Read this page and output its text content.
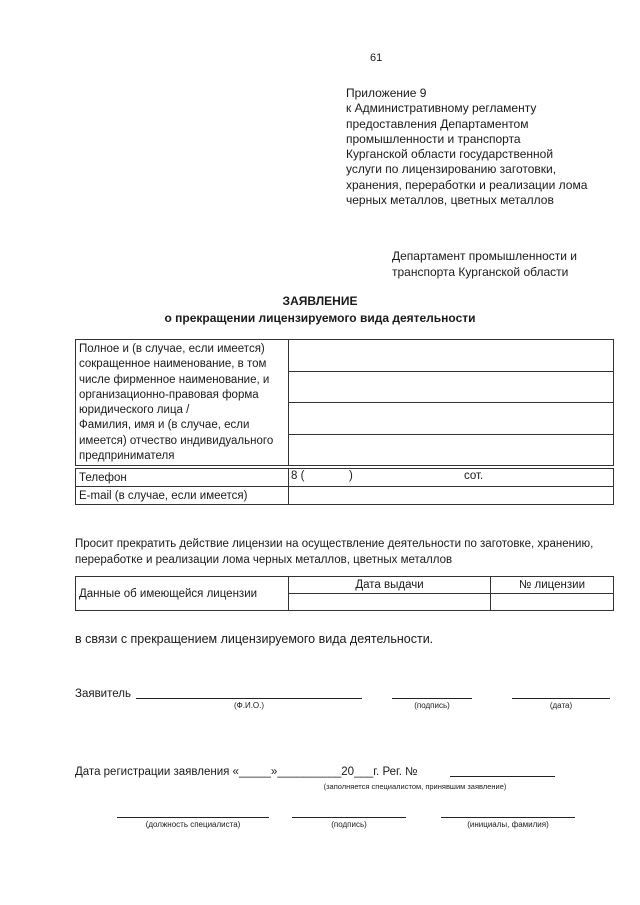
61
Приложение 9
к Административному регламенту
предоставления Департаментом
промышленности и транспорта
Курганской области государственной
услуги по лицензированию заготовки,
хранения, переработки и реализации лома
черных металлов, цветных металлов
Департамент промышленности и
транспорта Курганской области
ЗАЯВЛЕНИЕ
о прекращении лицензируемого вида деятельности
Полное и (в случае, если имеется)
сокращенное наименование, в том
числе фирменное наименование, и
организационно-правовая форма
юридического лица /
Фамилия, имя и (в случае, если
имеется) отчество индивидуального
предпринимателя

Телефон	8 ( ) сот.

E-mail (в случае, если имеется)	
Просит прекратить действие лицензии на осуществление деятельности по заготовке, хранению, переработке и реализации лома черных металлов, цветных металлов
Данные об имеющейся лицензии	Дата выдачи	№ лицензии

в связи с прекращением лицензируемого вида деятельности.
Заявитель
(Ф.И.О.)	(подпись)	(дата)
Дата регистрации заявления «_____»__________20___г. Рег. №
(заполняется специалистом, принявшим заявление)
(должность специалиста)	(подпись)	(инициалы, фамилия)
